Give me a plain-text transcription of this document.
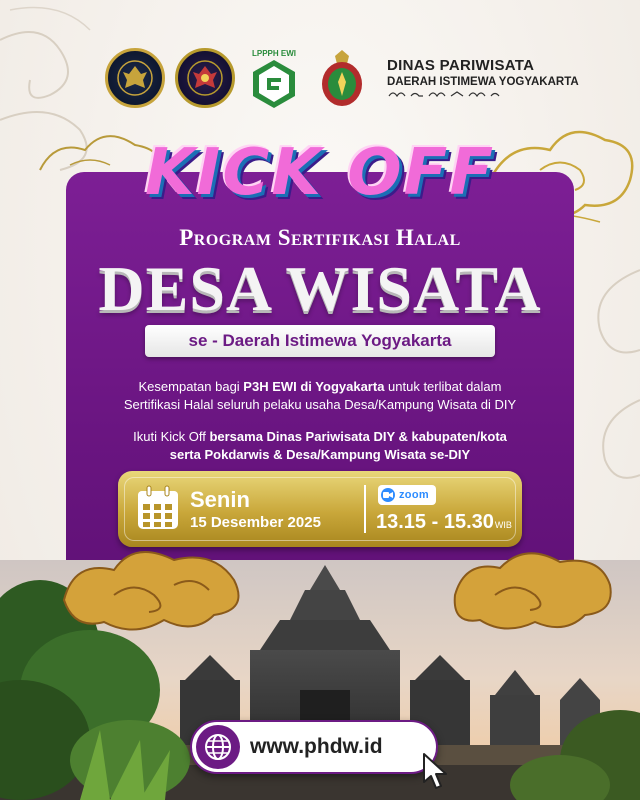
LPPPH EWI
DINAS PARIWISATA
DAERAH ISTIMEWA YOGYAKARTA
KICK OFF
Program Sertifikasi Halal
DESA WISATA
se - Daerah Istimewa Yogyakarta
Kesempatan bagi P3H EWI di Yogyakarta untuk terlibat dalam
Sertifikasi Halal seluruh pelaku usaha Desa/Kampung Wisata di DIY
Ikuti Kick Off bersama Dinas Pariwisata DIY & kabupaten/kota
serta Pokdarwis & Desa/Kampung Wisata se-DIY
Senin
15 Desember 2025
zoom
13.15 - 15.30WIB
www.phdw.id
